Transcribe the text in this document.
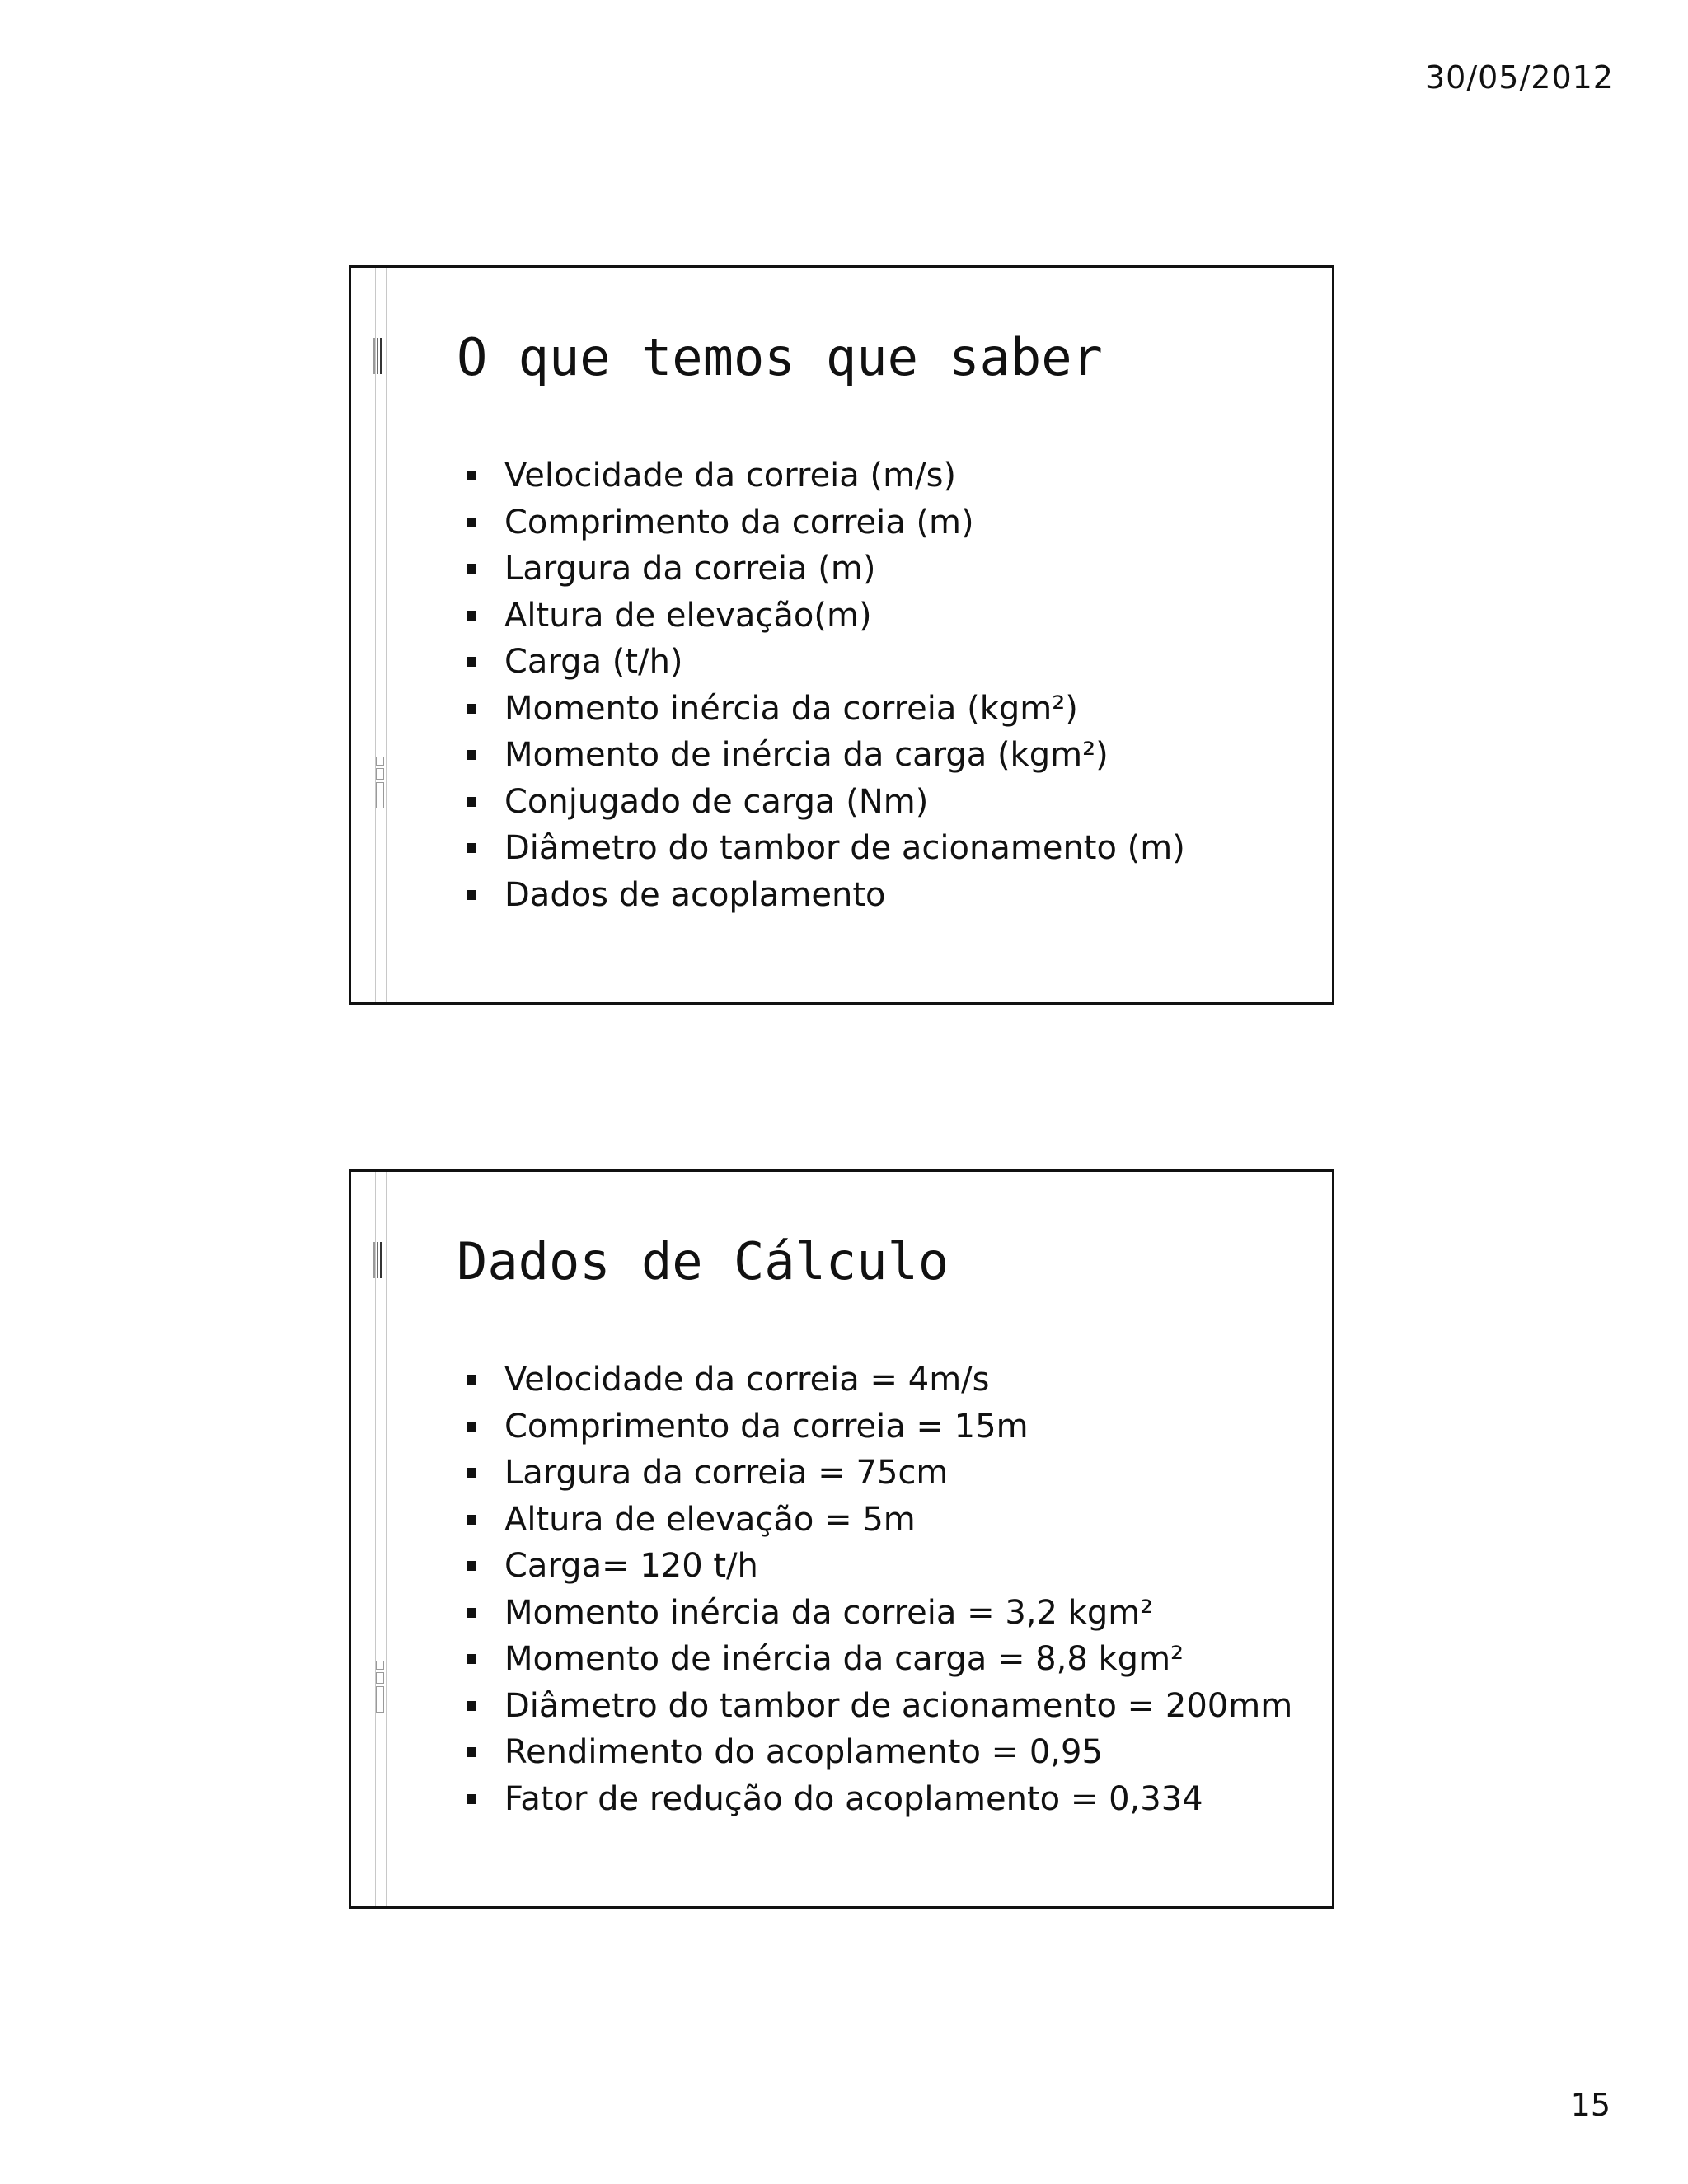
30/05/2012
O que temos que saber
Velocidade da correia (m/s)
Comprimento da correia (m)
Largura da correia (m)
Altura de elevação(m)
Carga (t/h)
Momento inércia da correia (kgm²)
Momento de inércia da carga (kgm²)
Conjugado de carga (Nm)
Diâmetro do tambor de acionamento (m)
Dados de acoplamento
Dados de Cálculo
Velocidade da correia = 4m/s
Comprimento da correia = 15m
Largura da correia = 75cm
Altura de elevação = 5m
Carga= 120 t/h
Momento inércia da correia = 3,2 kgm²
Momento de inércia da carga = 8,8 kgm²
Diâmetro do tambor de acionamento = 200mm
Rendimento do acoplamento = 0,95
Fator de redução do acoplamento = 0,334
15
